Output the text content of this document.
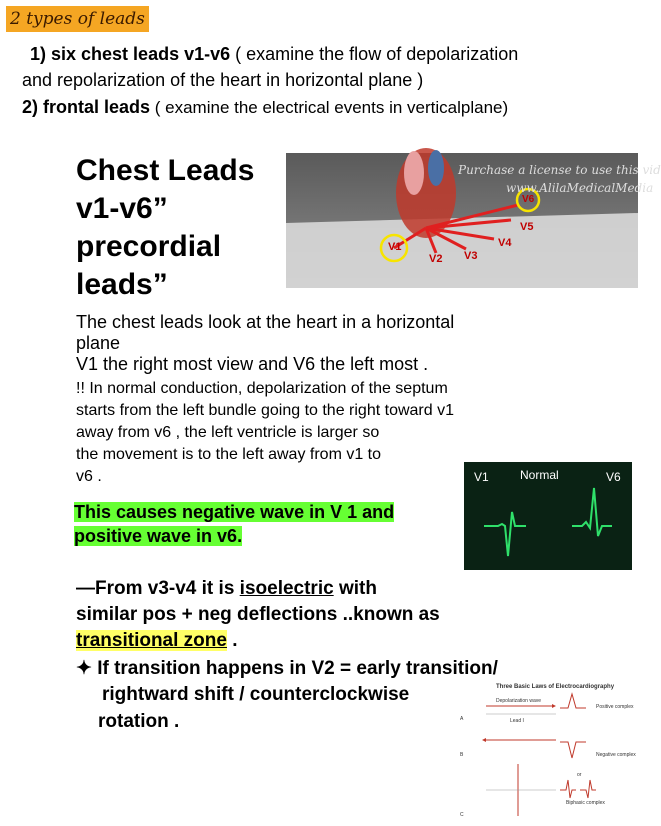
2 types of leads
1) six chest leads v1-v6 ( examine the flow of depolarization
and repolarization of the heart in horizontal plane )
2) frontal leads ( examine the electrical events in verticalplane)
Chest Leads
v1-v6”
precordial
leads”
Purchase a license to use this vid
www.AlilaMedicalMedia
V1
V2 V3
V4
V5
V6
The chest leads look at the heart in a horizontal
plane
V1 the right most view and V6 the left most .
!! In normal conduction, depolarization of the septum
starts from the left bundle going to the right toward v1
away from v6 , the left ventricle is larger so
the movement is to the left away from v1 to
v6 .
This causes negative wave in V 1 and
positive wave in v6.
V1	Normal	V6
—From v3-v4 it is isoelectric with
similar pos + neg deflections ..known as
transitional zone .
✦ If transition happens in V2 = early transition/
rightward shift / counterclockwise
rotation .
Three Basic Laws of Electrocardiography
Depolarization wave
Lead I
Positive complex
Negative complex
or
Biphasic complex
A
B
C
